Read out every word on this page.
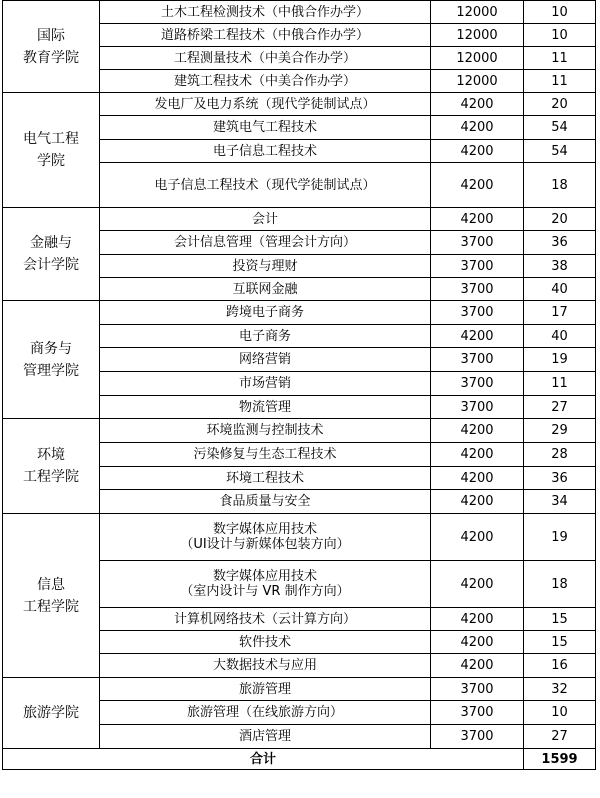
国际
教育学院	土木工程检测技术（中俄合作办学）	12000	10

	道路桥梁工程技术（中俄合作办学）	12000	10

	工程测量技术（中美合作办学）	12000	11

	建筑工程技术（中美合作办学）	12000	11

电气工程
学院	发电厂及电力系统（现代学徒制试点）	4200	20

	建筑电气工程技术	4200	54

	电子信息工程技术	4200	54

	电子信息工程技术（现代学徒制试点）	4200	18

金融与
会计学院	会计	4200	20

	会计信息管理（管理会计方向）	3700	36

	投资与理财	3700	38

	互联网金融	3700	40

商务与
管理学院	跨境电子商务	3700	17

	电子商务	4200	40

	网络营销	3700	19

	市场营销	3700	11

	物流管理	3700	27

环境
工程学院	环境监测与控制技术	4200	29

	污染修复与生态工程技术	4200	28

	环境工程技术	4200	36

	食品质量与安全	4200	34

信息
工程学院	数字媒体应用技术
（UI设计与新媒体包装方向）	4200	19

	数字媒体应用技术
（室内设计与 VR 制作方向）	4200	18

	计算机网络技术（云计算方向）	4200	15

	软件技术	4200	15

	大数据技术与应用	4200	16

旅游学院	旅游管理	3700	32

	旅游管理（在线旅游方向）	3700	10

	酒店管理	3700	27
合计			1599
